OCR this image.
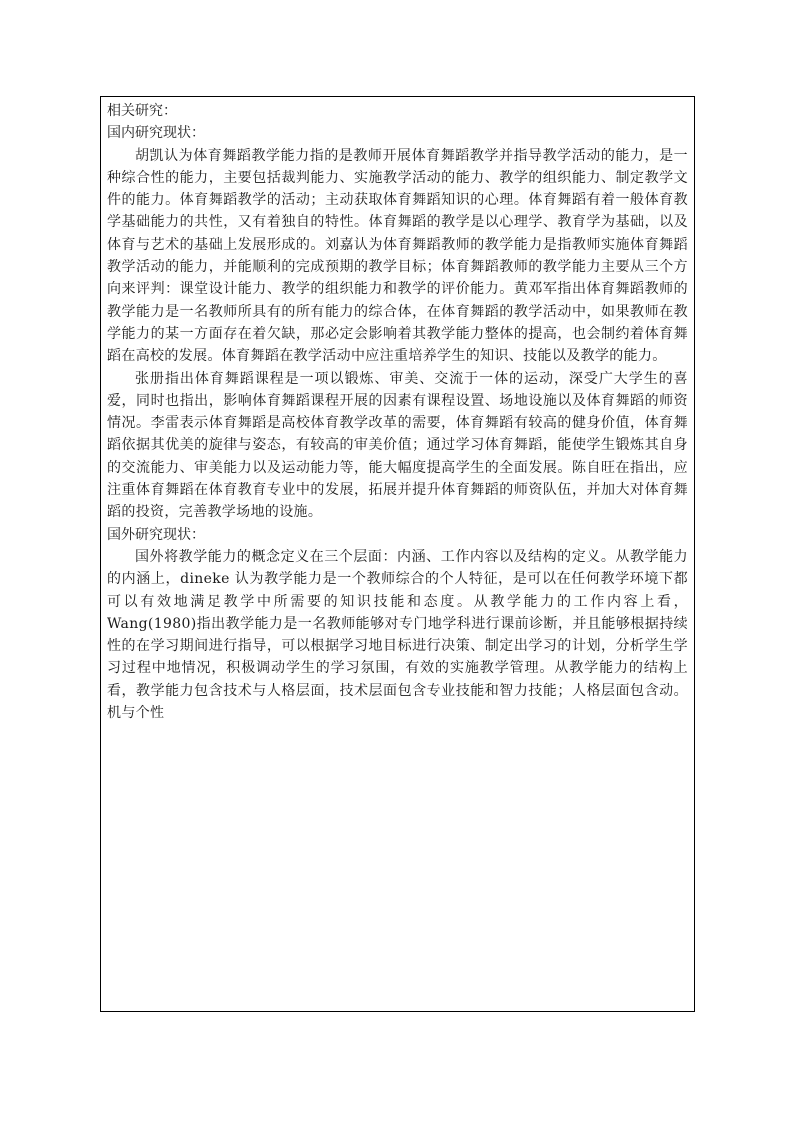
相关研究：

国内研究现状：

胡凯认为体育舞蹈教学能力指的是教师开展体育舞蹈教学并指导教学活动的能力，是一种综合性的能力，主要包括裁判能力、实施教学活动的能力、教学的组织能力、制定教学文件的能力。体育舞蹈教学的活动；主动获取体育舞蹈知识的心理。体育舞蹈有着一般体育教学基础能力的共性，又有着独自的特性。体育舞蹈的教学是以心理学、教育学为基础，以及体育与艺术的基础上发展形成的。刘嘉认为体育舞蹈教师的教学能力是指教师实施体育舞蹈教学活动的能力，并能顺利的完成预期的教学目标；体育舞蹈教师的教学能力主要从三个方向来评判：课堂设计能力、教学的组织能力和教学的评价能力。黄邓军指出体育舞蹈教师的教学能力是一名教师所具有的所有能力的综合体，在体育舞蹈的教学活动中，如果教师在教学能力的某一方面存在着欠缺，那必定会影响着其教学能力整体的提高，也会制约着体育舞蹈在高校的发展。体育舞蹈在教学活动中应注重培养学生的知识、技能以及教学的能力。

张册指出体育舞蹈课程是一项以锻炼、审美、交流于一体的运动，深受广大学生的喜爱，同时也指出，影响体育舞蹈课程开展的因素有课程设置、场地设施以及体育舞蹈的师资情况。李雷表示体育舞蹈是高校体育教学改革的需要，体育舞蹈有较高的健身价值，体育舞蹈依据其优美的旋律与姿态，有较高的审美价值；通过学习体育舞蹈，能使学生锻炼其自身的交流能力、审美能力以及运动能力等，能大幅度提高学生的全面发展。陈自旺在指出，应注重体育舞蹈在体育教育专业中的发展，拓展并提升体育舞蹈的师资队伍，并加大对体育舞蹈的投资，完善教学场地的设施。

国外研究现状：

国外将教学能力的概念定义在三个层面：内涵、工作内容以及结构的定义。从教学能力的内涵上，dineke 认为教学能力是一个教师综合的个人特征，是可以在任何教学环境下都可以有效地满足教学中所需要的知识技能和态度。从教学能力的工作内容上看，Wang(1980)指出教学能力是一名教师能够对专门地学科进行课前诊断，并且能够根据持续性的在学习期间进行指导，可以根据学习地目标进行决策、制定出学习的计划，分析学生学习过程中地情况，积极调动学生的学习氛围，有效的实施教学管理。从教学能力的结构上看，教学能力包含技术与人格层面，技术层面包含专业技能和智力技能；人格层面包含动。机与个性
